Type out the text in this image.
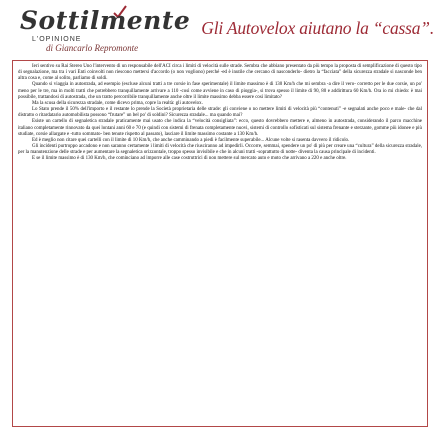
Sottilmente
L'OPINIONE
di Giancarlo Repromonte
Gli Autovelox aiutano la “cassa”.

Ieri sentivo su Rai Stereo Uno l'intervento di un responsabile dell'ACI circa i limiti di velocità sulle strade. Sembra che abbiano presentato da più tempo la proposta di semplificazione di questo tipo di segnalazione, ma tra i vari Enti coinvolti non riescono mettersi d'accordo (o non vogliono) perché -ed è inutile che cercano di nasconderlo- dietro la “facciata” della sicurezza stradale si nasconde ben altra cosa e, come al solito, parliamo di soldi.

Quando si viaggia in autostrada, ad esempio (escluse alcuni tratti a tre corsie in fase sperimentale) il limite massimo è di 130 Km/h che mi sembra -a dire il vero- corretto per le due corsie, un po' meno per le tre, ma in molti tratti che potrebbero tranquillamente arrivare a 110 -così come avviene in caso di pioggia-, si trova spesso il limite di 90, 80 e addirittura 60 Km/h. Ora io mi chiedo: è mai possibile, trattandosi di autostrada, che un tratto percorribile tranquillamente anche oltre il limite massimo debba essere così limitato?

Ma la scusa della sicurezza stradale, come dicevo prima, copre la realtà: gli autovelox.

Lo Stato prende il 50% dell'importo e il restante lo prende la Società proprietaria delle strade: gli conviene o no mettere limiti di velocità più “contenuti” -e segnalati anche poco e male- che dal distratto o ritardatario automobilista possono “frutare” un bel po' di soldini? Sicurezza stradale... ma quando mai?

Esiste un cartello di segnaletica stradale praticamente mai usato che indica la “velocità consigliata”: ecco, questo dovrebbero mettere e, almeno in autostrada, considerando il parco macchine italiano completamente rinnovato da quei lontani anni 60 e 70 (e quindi con sistemi di frenata completamente nuovi, sistemi di controllo sofisticati sul sistema frenante e sterzante, gomme più idonee e più studiate, corsie allargate e -tutto sommato- ben tenute rispetto al passato), lasciare il limite massimo costante a 130 Km/h.

Ed è meglio non citare quei cartelli con il limite di 10 Km/h, che anche camminando a piedi è facilmente superabile... Alcune volte si rasenta davvero il ridicolo.

Gli incidenti purtroppo accadono e non saranno certamente i limiti di velocità che riusciranno ad impedirli. Occorre, semmai, spendere un po' di più per creare una “cultura” della sicurezza stradale, per la manutenzione delle strade e per aumentare la segnaletica orizzontale, troppo spesso invisibile e che in alcuni tratti -soprattutto di notte- diventa la causa principale di incidenti.

E se il limite massimo è di 130 Km/h, che cominciano ad imporre alle case costruttrici di non mettere sul mercato auto e moto che arrivano a 220 e anche oltre.
